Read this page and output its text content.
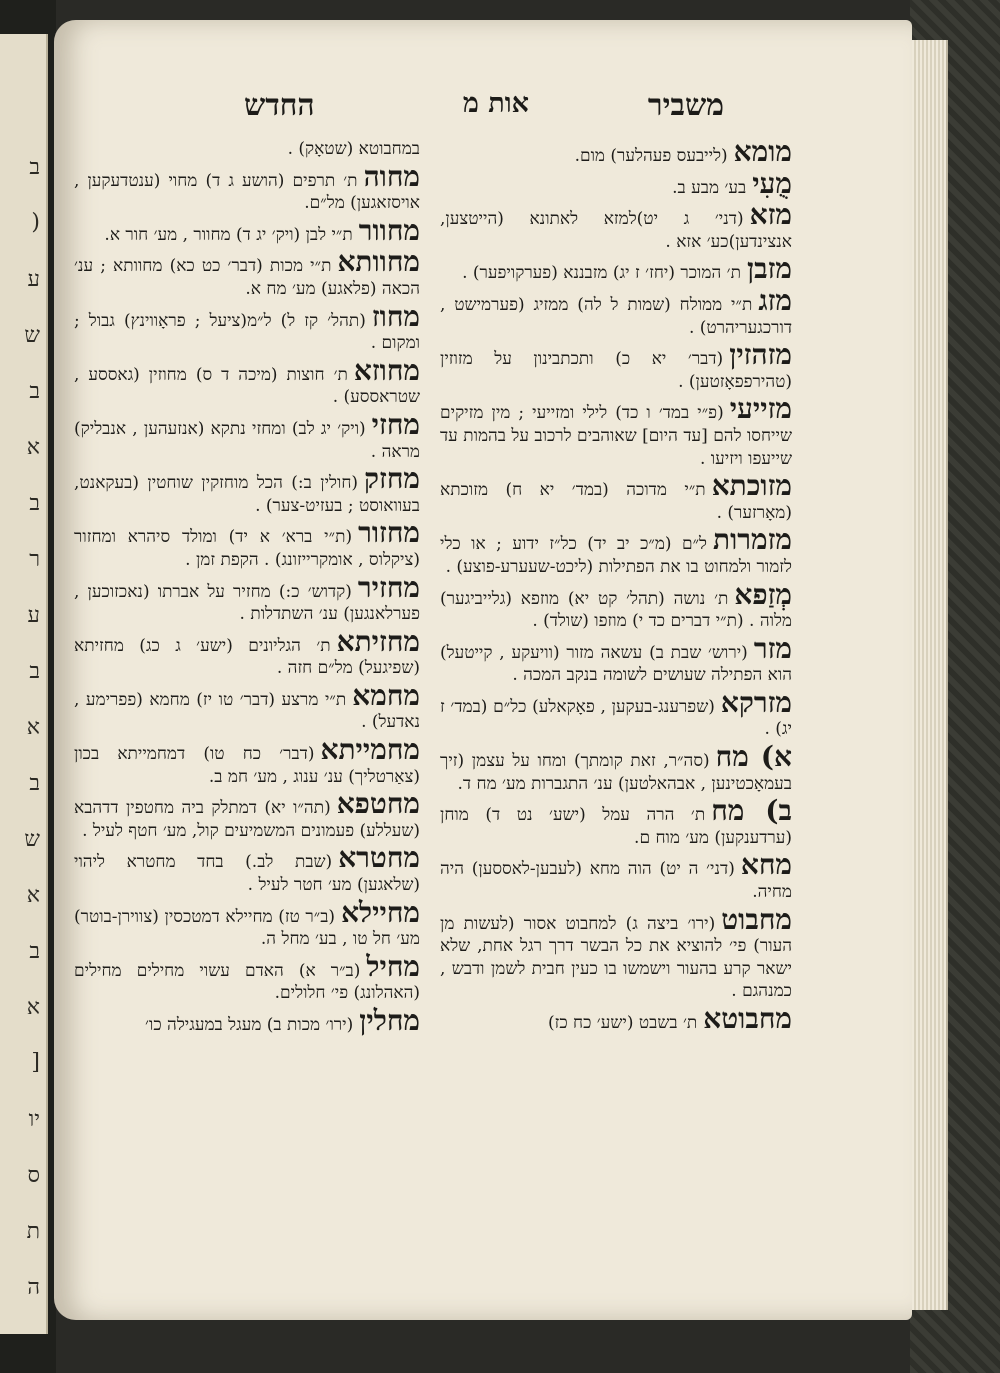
ב
(
ע
ש
ב
א
ב
ר
ע
ב
א
ב
ש
א
ב
א
[
יו
ס
ת
ה
משביר
אות מ
החדש
מומא(לייבעס פעהלער) מום.
מֻעִיבע׳ מבע ב.
מזא(דני׳ ג יט)למזא לאתונא (הייטצען, אנצינדען)כע׳ אזא .
מזבןת׳ המוכר (יחז׳ ז יג) מזבננא (פערקויפער) .
מזגת״י ממולח (שמות ל לה) ממזיג (פערמישט , דורכגעריהרט) .
מזהזין(דבר׳ יא כ) ותכתבינון על מזוזין (טהירפפאָזטען) .
מזייעי(פ״י במד׳ ו כד) לילי ומזייעי ; מין מזיקים שייחסו להם [עד היום] שאוהבים לרכוב על בהמות עד שייעפו ויזיעו .
מזוכתאת״י מדוכה (במד׳ יא ח) מזוכתא (מאָרזער) .
מזמרותל״ם (מ״כ יב יד) כל״ז ידוע ; או כלי לזמור ולמחוט בו את הפתילות (ליכט-שעערע-פוצע) .
מְזַפאת׳ נושה (תהל׳ קט יא) מוזפא (גלייביגער) מלוה . (ת״י דברים כד י) מוזפו (שולד) .
מזר(ירוש׳ שבת ב) עשאה מזור (וויעקע , קייטעל) הוא הפתילה שעושים לשומה בנקב המכה .
מזרקא(שפרענג-בעקען , פאָקאלע) כל״ם (במד׳ ז יג) .
א) מח(סה״ר, זאת קומתך) ומחו על עצמן (זיך בעמאָכטינען , אבהאלטען) ענ׳ התגברות מע׳ מח ד.
ב) מחת׳ הרה עמל (ישע׳ נט ד) מוחן (ערדענקען) מע׳ מוח ם.
מחא(דני׳ ה יט) הוה מחא (לעבען-לאססען) היה מחיה.
מחבוט(ירו׳ ביצה ג) למחבוט אסור (לעשות מן העור) פי׳ להוציא את כל הבשר דרך רגל אחת, שלא ישאר קרע בהעור וישמשו בו כעין חבית לשמן ודבש , כמנהגם .
מחבוטאת׳ בשבט (ישע׳ כח כז)
במחבוטא (שטאָק) .
מחוהת׳ תרפים (הושע ג ד) מחוי (ענטדעקען , אויסזאגען) מל״ם.
מחוורת״י לבן (ויק׳ יג ד) מחוור , מע׳ חור א.
מחוותאת״י מכות (דבר׳ כט כא) מחוותא ; ענ׳ הכאה (פלאגע) מע׳ מח א.
מחוז(תהל׳ קז ל) ל״מ(ציעל ; פראָווינץ) גבול ; ומקום .
מחוזאת׳ חוצות (מיכה ד ס) מחוזין (גאססע , שטראססע) .
מחזי(ויק׳ יג לב) ומחזי נתקא (אנזעהען , אנבליק) מראה .
מחזק(חולין ב:) הכל מוחזקין שוחטין (בעקאנט, בעוואוסט ; בעזיט-צער) .
מחזור(ת״י ברא׳ א יד) ומולד סיהרא ומחזור (ציקלוס , אומקרייזונג) . הקפת זמן .
מחזיר(קדוש׳ כ:) מחזיר על אברתו (נאכזוכען , פערלאנגען) ענ׳ השתדלות .
מחזיתאת׳ הגליונים (ישע׳ ג כג) מחזיתא (שפיגעל) מל״ם חזה .
מחמאת״י מרצע (דבר׳ טו יז) מחמא (פפרימע , נאדעל) .
מחמייתא(דבר׳ כח טו) דמחמייתא בכון (צאַרטליך) ענ׳ ענוג , מע׳ חמ ב.
מחטפא(תה״ו יא) דמתלק ביה מחטפין דדהבא (שעללע) פעמונים המשמיעים קול, מע׳ חטף לעיל .
מחטרא(שבת לב.) בחד מחטרא ליהוי (שלאגען) מע׳ חטר לעיל .
מחיילא(ב״ר טז) מחיילא דמטכסין (צווירן-בוטר) מע׳ חל טו , בע׳ מחל ה.
מחיל(ב״ר א) האדם עשוי מחילים מחילים (האהלונג) פי׳ חלולים.
מחלין(ירו׳ מכות ב) מעגל במעגילה כו׳
